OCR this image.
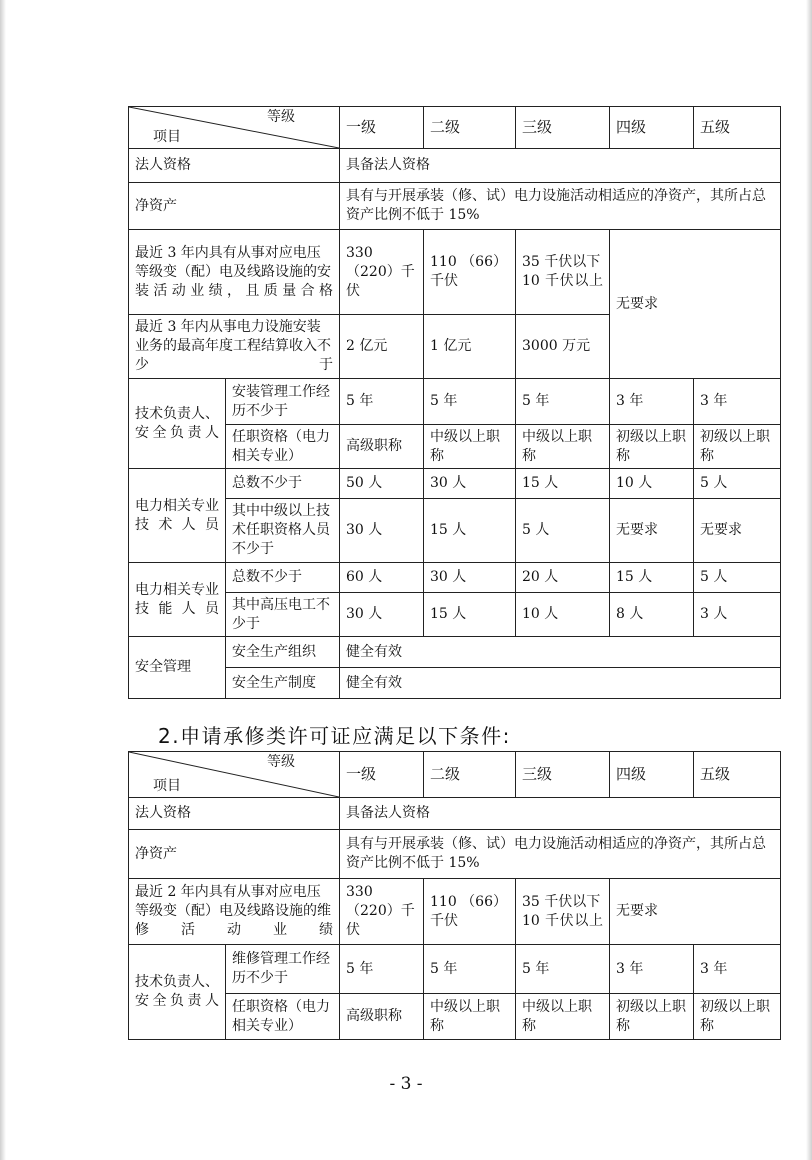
等级
项目		一级	二级	三级	四级	五级
法人资格		具备法人资格				
净资产		具有与开展承装（修、试）电力设施活动相适应的净资产，其所占总资产比例不低于 15%				
最近 3 年内具有从事对应电压等级变（配）电及线路设施的安装活动业绩，且质量合格		330（220）千伏	110 （66）千伏	35 千伏以下 10 千伏以上	无要求	
最近 3 年内从事电力设施安装业务的最高年度工程结算收入不少于		2 亿元	1 亿元	3000 万元		
技术负责人、安全负责人	安装管理工作经历不少于	5 年	5 年	5 年	3 年	3 年
	任职资格（电力相关专业）	高级职称	中级以上职称	中级以上职称	初级以上职称	初级以上职称
电力相关专业技术人员	总数不少于	50 人	30 人	15 人	10 人	5 人
	其中中级以上技术任职资格人员不少于	30 人	15 人	5 人	无要求	无要求
电力相关专业技能人员	总数不少于	60 人	30 人	20 人	15 人	5 人
	其中高压电工不少于	30 人	15 人	10 人	8 人	3 人
安全管理	安全生产组织	健全有效				
	安全生产制度	健全有效				
2.申请承修类许可证应满足以下条件:
等级
项目		一级	二级	三级	四级	五级
法人资格		具备法人资格				
净资产		具有与开展承装（修、试）电力设施活动相适应的净资产，其所占总资产比例不低于 15%				
最近 2 年内具有从事对应电压等级变（配）电及线路设施的维修活动业绩		330（220）千伏	110 （66）千伏	35 千伏以下 10 千伏以上	无要求	
技术负责人、安全负责人	维修管理工作经历不少于	5 年	5 年	5 年	3 年	3 年
	任职资格（电力相关专业）	高级职称	中级以上职称	中级以上职称	初级以上职称	初级以上职称
- 3 -
